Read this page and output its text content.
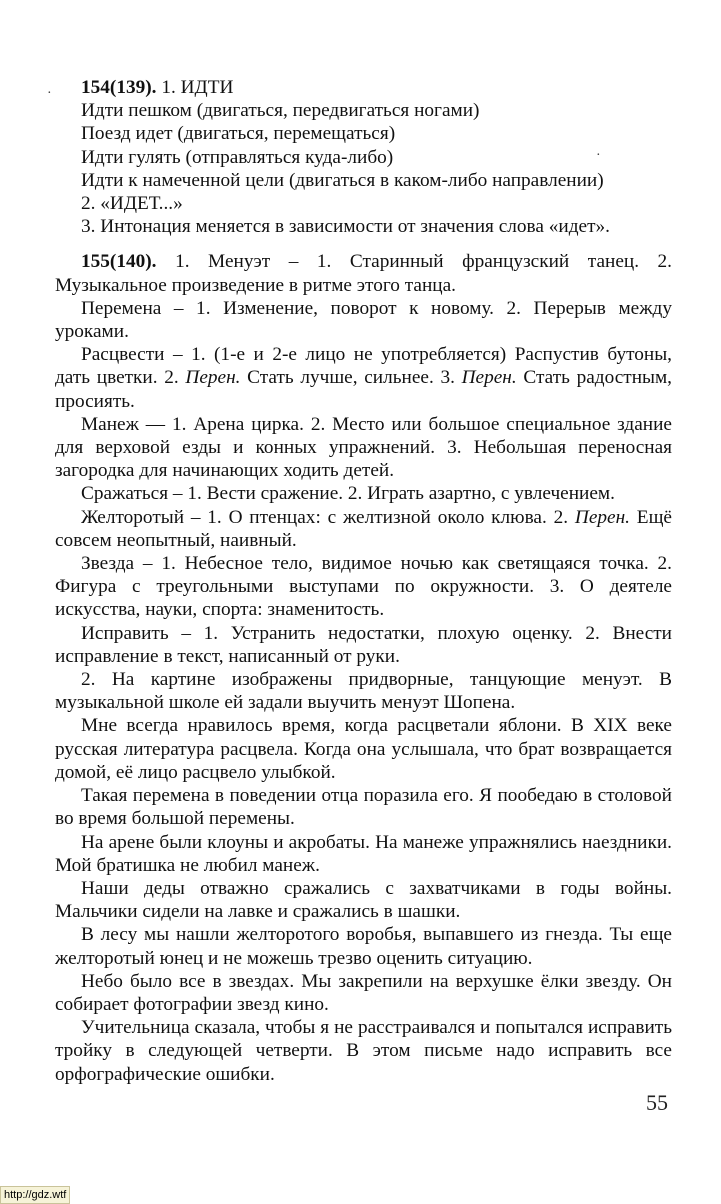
154(139). 1. ИДТИ

Идти пешком (двигаться, передвигаться ногами)

Поезд идет (двигаться, перемещаться)

Идти гулять (отправляться куда-либо)

Идти к намеченной цели (двигаться в каком-либо направлении)

2. «ИДЕТ...»

3. Интонация меняется в зависимости от значения слова «идет».

155(140). 1. Менуэт – 1. Старинный французский танец. 2. Музыкальное произведение в ритме этого танца.

Перемена – 1. Изменение, поворот к новому. 2. Перерыв между уроками.

Расцвести – 1. (1-е и 2-е лицо не употребляется) Распустив бутоны, дать цветки. 2. Перен. Стать лучше, сильнее. 3. Перен. Стать радостным, просиять.

Манеж — 1. Арена цирка. 2. Место или большое специальное здание для верховой езды и конных упражнений. 3. Небольшая переносная загородка для начинающих ходить детей.

Сражаться – 1. Вести сражение. 2. Играть азартно, с увлечением.

Желторотый – 1. О птенцах: с желтизной около клюва. 2. Перен. Ещё совсем неопытный, наивный.

Звезда – 1. Небесное тело, видимое ночью как светящаяся точка. 2. Фигура с треугольными выступами по окружности. 3. О деятеле искусства, науки, спорта: знаменитость.

Исправить – 1. Устранить недостатки, плохую оценку. 2. Внести исправление в текст, написанный от руки.

2. На картине изображены придворные, танцующие менуэт. В музыкальной школе ей задали выучить менуэт Шопена.

Мне всегда нравилось время, когда расцветали яблони. В XIX веке русская литература расцвела. Когда она услышала, что брат возвращается домой, её лицо расцвело улыбкой.

Такая перемена в поведении отца поразила его. Я пообедаю в столовой во время большой перемены.

На арене были клоуны и акробаты. На манеже упражнялись наездники. Мой братишка не любил манеж.

Наши деды отважно сражались с захватчиками в годы войны. Мальчики сидели на лавке и сражались в шашки.

В лесу мы нашли желторотого воробья, выпавшего из гнезда. Ты еще желторотый юнец и не можешь трезво оценить ситуацию.

Небо было все в звездах. Мы закрепили на верхушке ёлки звезду. Он собирает фотографии звезд кино.

Учительница сказала, чтобы я не расстраивался и попытался исправить тройку в следующей четверти. В этом письме надо исправить все орфографические ошибки.

·
·
55
http://gdz.wtf
